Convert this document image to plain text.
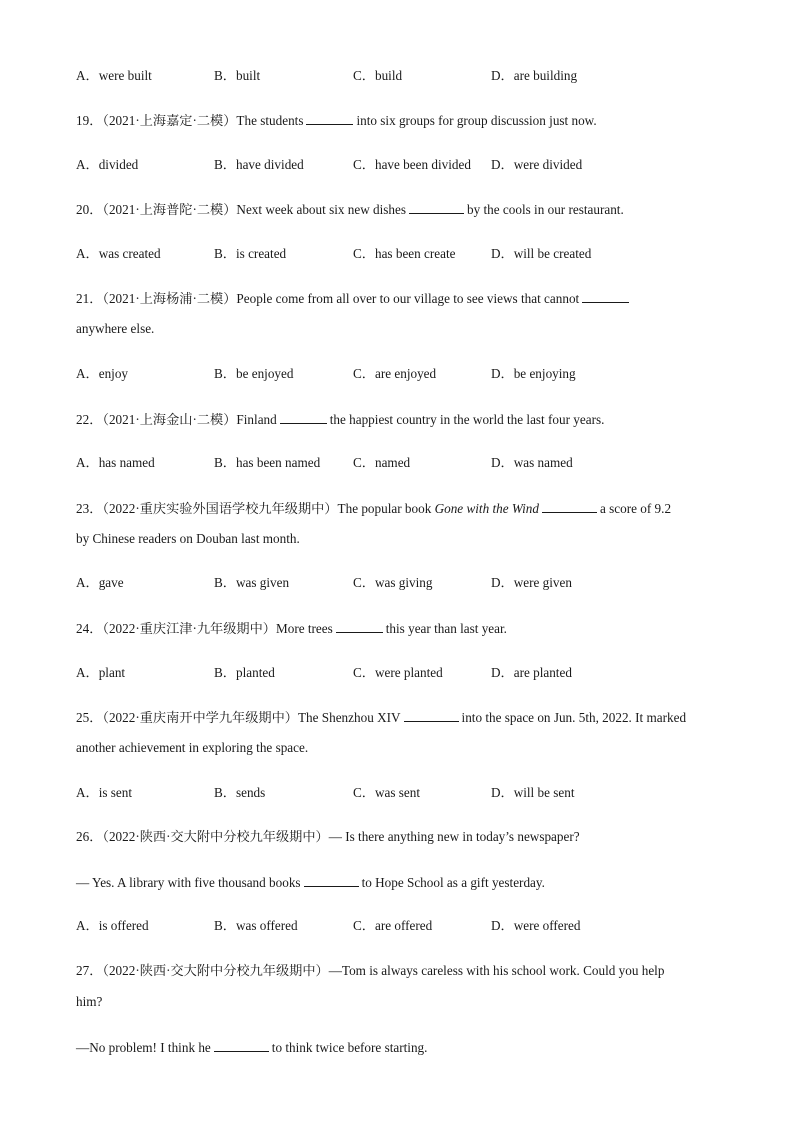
A．were built	B．built	C．build	D．are building
19．（2021·上海嘉定·二模）The students	into six groups for group discussion just now.
A．divided	B．have divided	C．have been divided D．were divided
20．（2021·上海普陀·二模）Next week about six new dishes	by the cools in our restaurant.
A．was created	B．is created	C．has been create	D．will be created
21．（2021·上海杨浦·二模）People come from all over to our village to see views that cannot
anywhere else.
A．enjoy	B．be enjoyed	C．are enjoyed	D．be enjoying
22．（2021·上海金山·二模）Finland	the happiest country in the world the last four years.
A．has named	B．has been named C．named	D．was named
23．（2022·重庆实验外国语学校九年级期中）The popular book Gone with the Wind	a score of 9.2
by Chinese readers on Douban last month.
A．gave	B．was given	C．was giving	D．were given
24．（2022·重庆江津·九年级期中）More trees	this year than last year.
A．plant	B．planted	C．were planted	D．are planted
25．（2022·重庆南开中学九年级期中）The Shenzhou XIV	into the space on Jun. 5th, 2022. It marked
another achievement in exploring the space.
A．is sent	B．sends	C．was sent	D．will be sent
26．（2022·陕西·交大附中分校九年级期中）— Is there anything new in today’s newspaper?
— Yes. A library with five thousand books	to Hope School as a gift yesterday.
A．is offered	B．was offered	C．are offered	D．were offered
27．（2022·陕西·交大附中分校九年级期中）—Tom is always careless with his school work. Could you help
him?
—No problem! I think he	to think twice before starting.
